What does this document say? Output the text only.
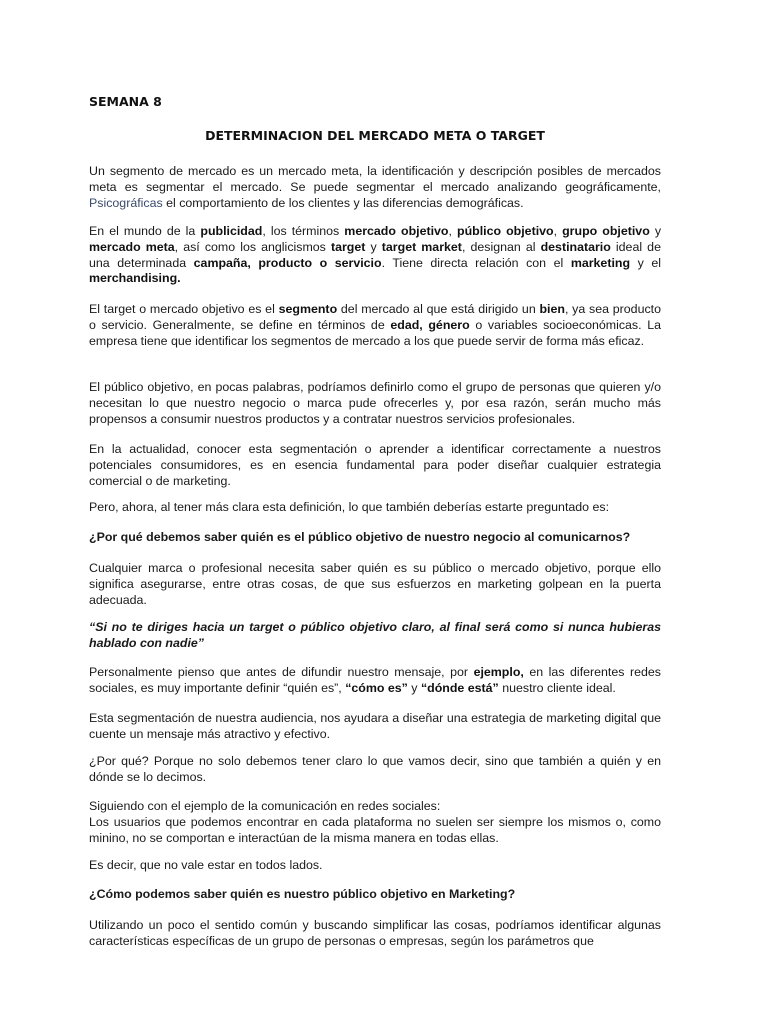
SEMANA 8
DETERMINACION DEL MERCADO META O TARGET

Un segmento de mercado es un mercado meta, la identificación y descripción posibles de mercados meta es segmentar el mercado. Se puede segmentar el mercado analizando geográficamente, Psicográficas el comportamiento de los clientes y las diferencias demográficas.

En el mundo de la publicidad, los términos mercado objetivo, público objetivo, grupo objetivo y mercado meta, así como los anglicismos target y target market, designan al destinatario ideal de una determinada campaña, producto o servicio. Tiene directa relación con el marketing y el merchandising.

El target o mercado objetivo es el segmento del mercado al que está dirigido un bien, ya sea producto o servicio. Generalmente, se define en términos de edad, género o variables socioeconómicas. La empresa tiene que identificar los segmentos de mercado a los que puede servir de forma más eficaz.

El público objetivo, en pocas palabras, podríamos definirlo como el grupo de personas que quieren y/o necesitan lo que nuestro negocio o marca pude ofrecerles y, por esa razón, serán mucho más propensos a consumir nuestros productos y a contratar nuestros servicios profesionales.

En la actualidad, conocer esta segmentación o aprender a identificar correctamente a nuestros potenciales consumidores, es en esencia fundamental para poder diseñar cualquier estrategia comercial o de marketing.

Pero, ahora, al tener más clara esta definición, lo que también deberías estarte preguntado es:

¿Por qué debemos saber quién es el público objetivo de nuestro negocio al comunicarnos?

Cualquier marca o profesional necesita saber quién es su público o mercado objetivo, porque ello significa asegurarse, entre otras cosas, de que sus esfuerzos en marketing golpean en la puerta adecuada.

“Si no te diriges hacia un target o público objetivo claro, al final será como si nunca hubieras hablado con nadie”

Personalmente pienso que antes de difundir nuestro mensaje, por ejemplo, en las diferentes redes sociales, es muy importante definir “quién es”, “cómo es” y “dónde está” nuestro cliente ideal.

Esta segmentación de nuestra audiencia, nos ayudara a diseñar una estrategia de marketing digital que cuente un mensaje más atractivo y efectivo.

¿Por qué? Porque no solo debemos tener claro lo que vamos decir, sino que también a quién y en dónde se lo decimos.

Siguiendo con el ejemplo de la comunicación en redes sociales:
Los usuarios que podemos encontrar en cada plataforma no suelen ser siempre los mismos o, como minino, no se comportan e interactúan de la misma manera en todas ellas.

Es decir, que no vale estar en todos lados.

¿Cómo podemos saber quién es nuestro público objetivo en Marketing?

Utilizando un poco el sentido común y buscando simplificar las cosas, podríamos identificar algunas características específicas de un grupo de personas o empresas, según los parámetros que
